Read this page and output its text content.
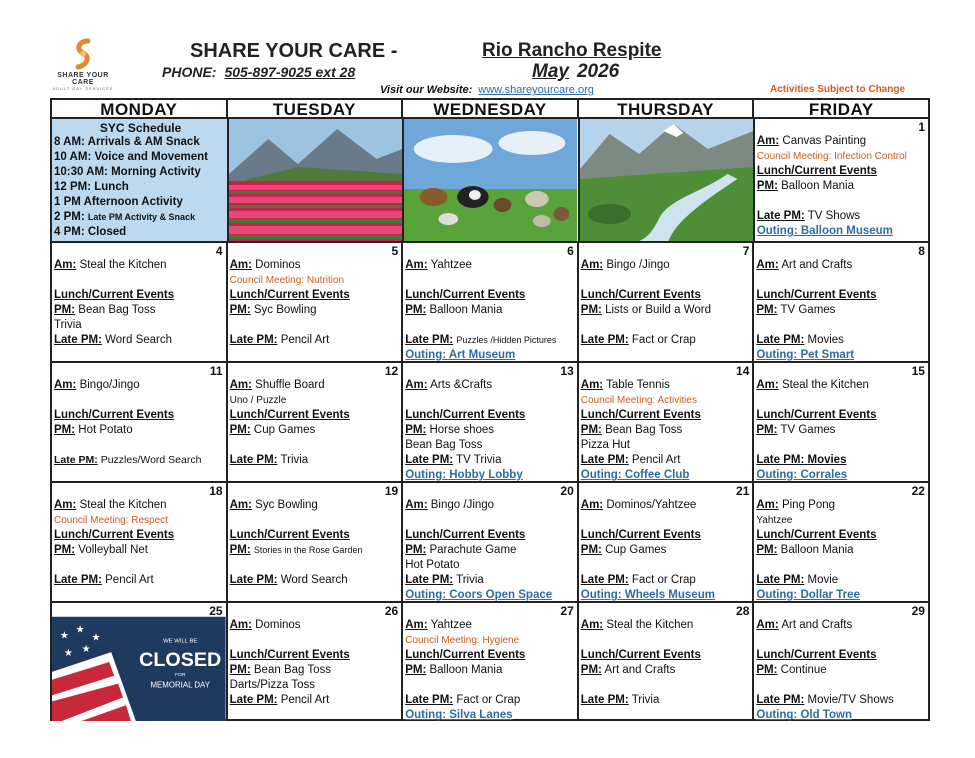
SHARE YOUR CARE
ADULT DAY SERVICES
SHARE YOUR CARE -
PHONE: 505-897-9025 ext 28
Visit our Website: www.shareyourcare.org
Rio Rancho Respite
May 2026
Activities Subject to Change
MONDAY	TUESDAY	WEDNESDAY	THURSDAY	FRIDAY
SYC Schedule
8 AM: Arrivals & AM Snack
10 AM: Voice and Movement
10:30 AM: Morning Activity
12 PM: Lunch
1 PM Afternoon Activity
2 PM: Late PM Activity & Snack
4 PM: Closed
1
Am: Canvas Painting
Council Meeting: Infection Control
Lunch/Current Events
PM: Balloon Mania
Late PM: TV Shows
Outing: Balloon Museum
4
Am: Steal the Kitchen
Lunch/Current Events
PM: Bean Bag Toss
Trivia
Late PM: Word Search
5
Am: Dominos
Council Meeting: Nutrition
Lunch/Current Events
PM: Syc Bowling
Late PM: Pencil Art
6
Am: Yahtzee
Lunch/Current Events
PM: Balloon Mania
Late PM: Puzzles /Hidden Pictures
Outing: Art Museum
7
Am: Bingo /Jingo
Lunch/Current Events
PM: Lists or Build a Word
Late PM: Fact or Crap
8
Am: Art and Crafts
Lunch/Current Events
PM: TV Games
Late PM: Movies
Outing: Pet Smart
11
Am: Bingo/Jingo
Lunch/Current Events
PM: Hot Potato
Late PM: Puzzles/Word Search
12
Am: Shuffle Board
Uno / Puzzle
Lunch/Current Events
PM: Cup Games
Late PM: Trivia
13
Am: Arts &Crafts
Lunch/Current Events
PM: Horse shoes
Bean Bag Toss
Late PM: TV Trivia
Outing: Hobby Lobby
14
Am: Table Tennis
Council Meeting: Activities
Lunch/Current Events
PM: Bean Bag Toss
Pizza Hut
Late PM: Pencil Art
Outing: Coffee Club
15
Am: Steal the Kitchen
Lunch/Current Events
PM: TV Games
Late PM: Movies
Outing: Corrales
18
Am: Steal the Kitchen
Council Meeting: Respect
Lunch/Current Events
PM: Volleyball Net
Late PM: Pencil Art
19
Am: Syc Bowling
Lunch/Current Events
PM: Stories in the Rose Garden
Late PM: Word Search
20
Am: Bingo /Jingo
Lunch/Current Events
PM: Parachute Game
Hot Potato
Late PM: Trivia
Outing: Coors Open Space
21
Am: Dominos/Yahtzee
Lunch/Current Events
PM: Cup Games
Late PM: Fact or Crap
Outing: Wheels Museum
22
Am: Ping Pong
Yahtzee
Lunch/Current Events
PM: Balloon Mania
Late PM: Movie
Outing: Dollar Tree
25
★
★
★
★ ★
WE WILL BE
CLOSED
FOR
MEMORIAL DAY
26
Am: Dominos
Lunch/Current Events
PM: Bean Bag Toss
Darts/Pizza Toss
Late PM: Pencil Art
27
Am: Yahtzee
Council Meeting: Hygiene
Lunch/Current Events
PM: Balloon Mania
Late PM: Fact or Crap
Outing: Silva Lanes
28
Am: Steal the Kitchen
Lunch/Current Events
PM: Art and Crafts
Late PM: Trivia
29
Am: Art and Crafts
Lunch/Current Events
PM: Continue
Late PM: Movie/TV Shows
Outing: Old Town
